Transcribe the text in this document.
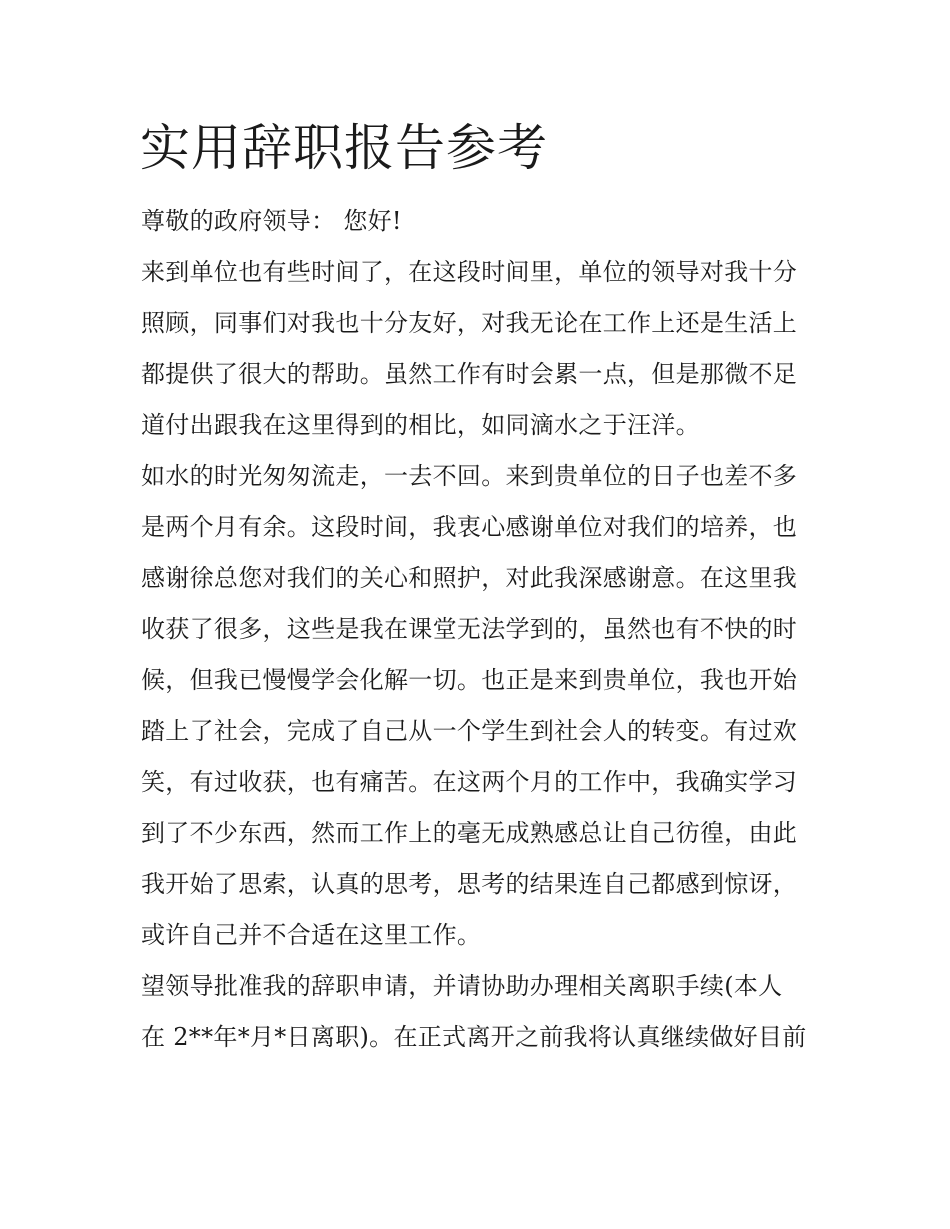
实用辞职报告参考
尊敬的政府领导： 您好!
来到单位也有些时间了，在这段时间里，单位的领导对我十分
照顾，同事们对我也十分友好，对我无论在工作上还是生活上
都提供了很大的帮助。虽然工作有时会累一点，但是那微不足
道付出跟我在这里得到的相比，如同滴水之于汪洋。
如水的时光匆匆流走，一去不回。来到贵单位的日子也差不多
是两个月有余。这段时间，我衷心感谢单位对我们的培养，也
感谢徐总您对我们的关心和照护，对此我深感谢意。在这里我
收获了很多，这些是我在课堂无法学到的，虽然也有不快的时
候，但我已慢慢学会化解一切。也正是来到贵单位，我也开始
踏上了社会，完成了自己从一个学生到社会人的转变。有过欢
笑，有过收获，也有痛苦。在这两个月的工作中，我确实学习
到了不少东西，然而工作上的毫无成熟感总让自己彷徨，由此
我开始了思索，认真的思考，思考的结果连自己都感到惊讶，
或许自己并不合适在这里工作。
望领导批准我的辞职申请，并请协助办理相关离职手续(本人
在 2**年*月*日离职)。在正式离开之前我将认真继续做好目前
